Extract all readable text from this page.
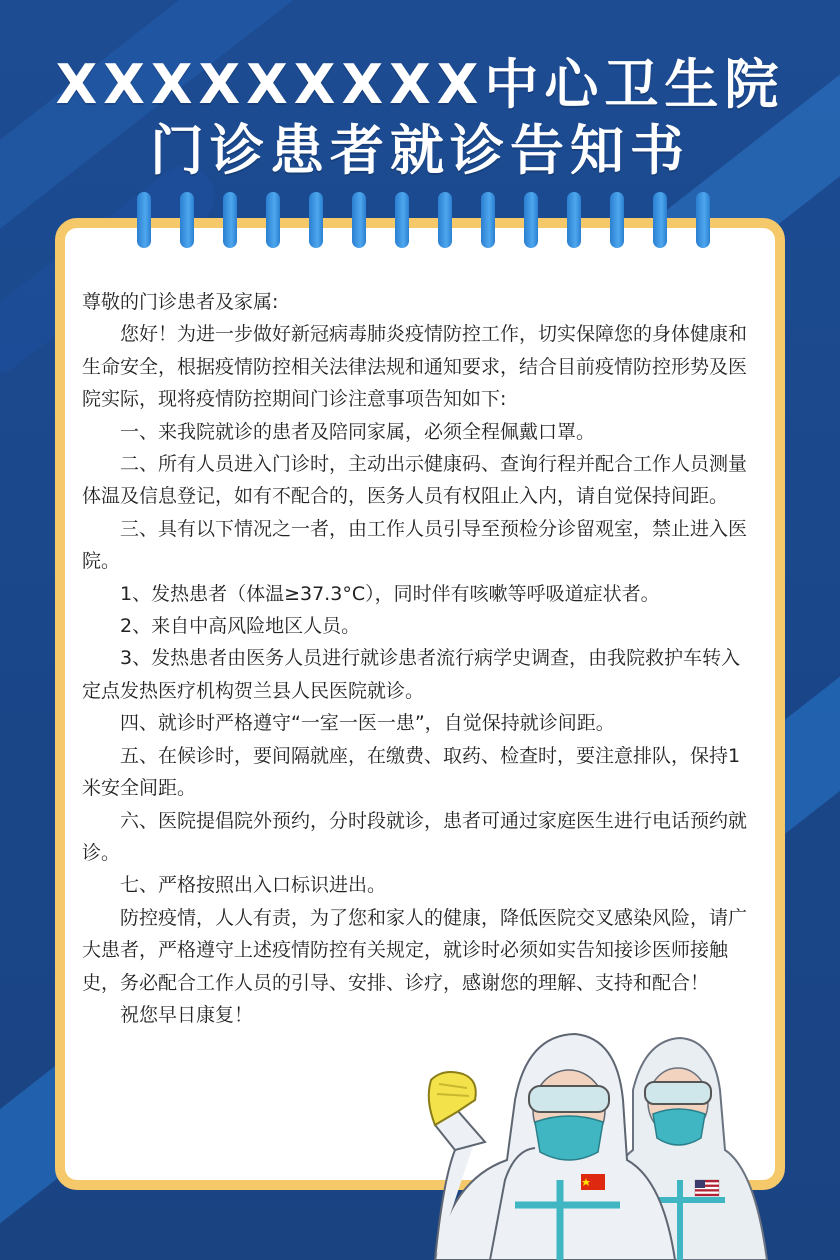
XXXXXXXXX中心卫生院
门诊患者就诊告知书

尊敬的门诊患者及家属:

您好！为进一步做好新冠病毒肺炎疫情防控工作，切实保障您的身体健康和生命安全，根据疫情防控相关法律法规和通知要求，结合目前疫情防控形势及医院实际，现将疫情防控期间门诊注意事项告知如下:

一、来我院就诊的患者及陪同家属，必须全程佩戴口罩。

二、所有人员进入门诊时，主动出示健康码、查询行程并配合工作人员测量体温及信息登记，如有不配合的，医务人员有权阻止入内，请自觉保持间距。

三、具有以下情况之一者，由工作人员引导至预检分诊留观室，禁止进入医院。

1、发热患者（体温≥37.3°C），同时伴有咳嗽等呼吸道症状者。

2、来自中高风险地区人员。

3、发热患者由医务人员进行就诊患者流行病学史调查，由我院救护车转入定点发热医疗机构贺兰县人民医院就诊。

四、就诊时严格遵守“一室一医一患”，自觉保持就诊间距。

五、在候诊时，要间隔就座，在缴费、取药、检查时，要注意排队，保持1米安全间距。

六、医院提倡院外预约，分时段就诊，患者可通过家庭医生进行电话预约就诊。

七、严格按照出入口标识进出。

防控疫情，人人有责，为了您和家人的健康，降低医院交叉感染风险，请广大患者，严格遵守上述疫情防控有关规定，就诊时必须如实告知接诊医师接触史，务必配合工作人员的引导、安排、诊疗，感谢您的理解、支持和配合！

祝您早日康复！
